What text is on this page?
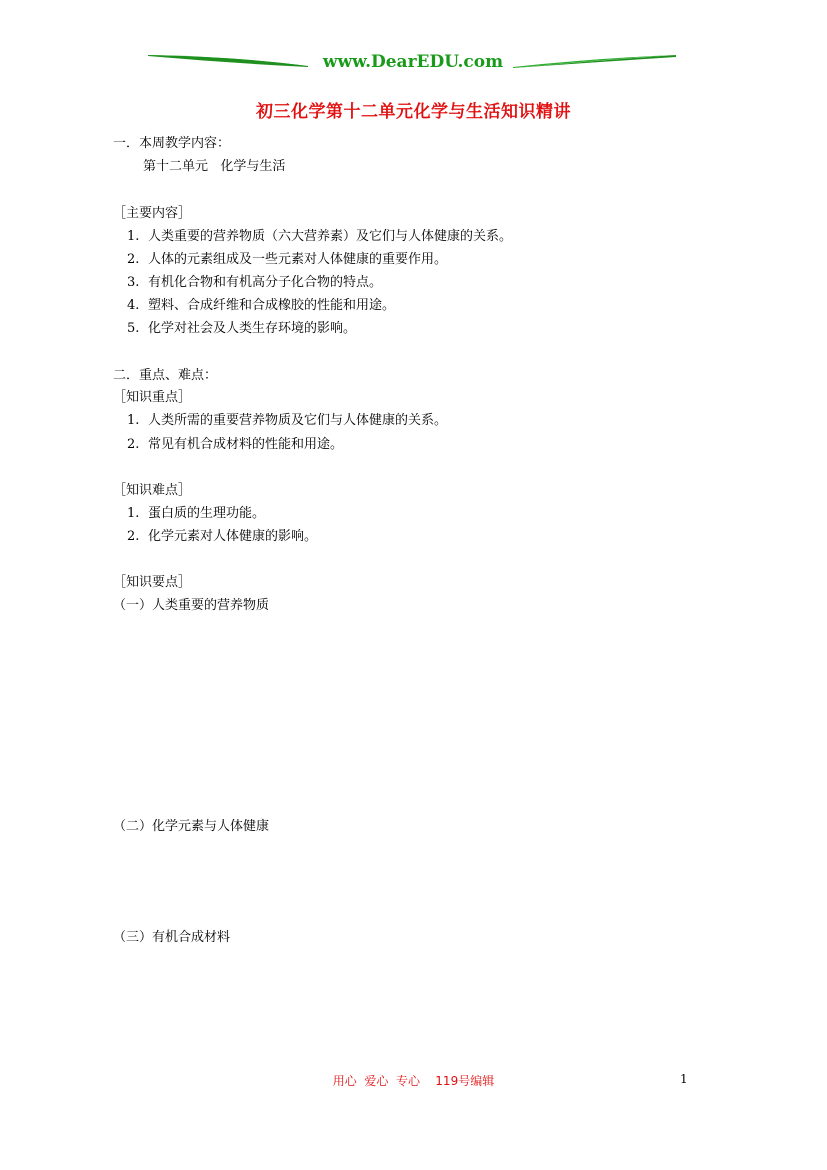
www.DearEDU.com
初三化学第十二单元化学与生活知识精讲
一．本周教学内容：
第十二单元   化学与生活
［主要内容］
1. 人类重要的营养物质（六大营养素）及它们与人体健康的关系。
2. 人体的元素组成及一些元素对人体健康的重要作用。
3. 有机化合物和有机高分子化合物的特点。
4. 塑料、合成纤维和合成橡胶的性能和用途。
5. 化学对社会及人类生存环境的影响。
二．重点、难点：
［知识重点］
1. 人类所需的重要营养物质及它们与人体健康的关系。
2. 常见有机合成材料的性能和用途。
［知识难点］
1. 蛋白质的生理功能。
2. 化学元素对人体健康的影响。
［知识要点］
（一）人类重要的营养物质
（二）化学元素与人体健康
（三）有机合成材料
用心  爱心  专心    119号编辑	1
